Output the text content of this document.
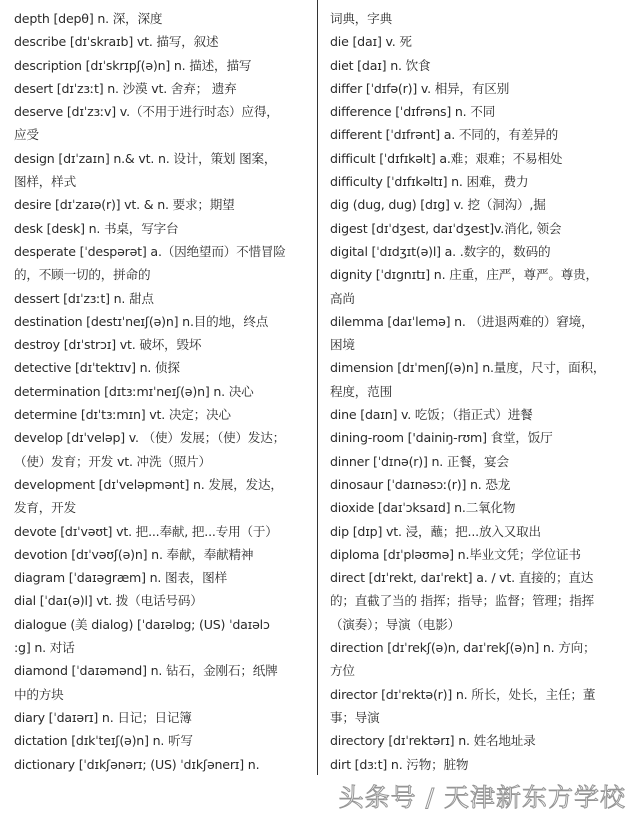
depth [depθ] n. 深，深度
describe [dɪˈskraɪb] vt. 描写，叙述
description [dɪˈskrɪpʃ(ə)n] n. 描述，描写
desert [dɪˈzɜːt] n. 沙漠 vt. 舍弃； 遗弃
deserve [dɪˈzɜːv] v.（不用于进行时态）应得，
应受
design [dɪˈzaɪn] n.& vt. n. 设计，策划 图案，
图样，样式
desire [dɪˈzaɪə(r)] vt. & n. 要求；期望
desk [desk] n. 书桌，写字台
desperate [ˈdespərət] a.（因绝望而）不惜冒险
的，不顾一切的，拼命的
dessert [dɪˈzɜːt] n. 甜点
destination [destɪˈneɪʃ(ə)n] n.目的地，终点
destroy [dɪˈstrɔɪ] vt. 破坏，毁坏
detective [dɪˈtektɪv] n. 侦探
determination [dɪtɜːmɪˈneɪʃ(ə)n] n. 决心
determine [dɪˈtɜːmɪn] vt. 决定；决心
develop [dɪˈveləp] v. （使）发展；（使）发达；
（使）发育；开发 vt. 冲洗（照片）
development [dɪˈveləpmənt] n. 发展，发达，
发育，开发
devote [dɪˈvəʊt] vt. 把...奉献, 把...专用（于）
devotion [dɪˈvəʊʃ(ə)n] n. 奉献，奉献精神
diagram [ˈdaɪəgræm] n. 图表，图样
dial [ˈdaɪ(ə)l] vt. 拨（电话号码）
dialogue (美 dialog) [ˈdaɪəlɒg; (US) ˈdaɪəlɔ
:g] n. 对话
diamond [ˈdaɪəmənd] n. 钻石，金刚石；纸牌
中的方块
diary [ˈdaɪərɪ] n. 日记；日记簿
dictation [dɪkˈteɪʃ(ə)n] n. 听写
dictionary [ˈdɪkʃənərɪ; (US) ˈdɪkʃənerɪ] n.
词典，字典
die [daɪ] v. 死
diet [daɪ] n. 饮食
differ [ˈdɪfə(r)] v. 相异，有区别
difference [ˈdɪfrəns] n. 不同
different [ˈdɪfrənt] a. 不同的，有差异的
difficult [ˈdɪfɪkəlt] a.难；艰难；不易相处
difficulty [ˈdɪfɪkəltɪ] n. 困难，费力
dig (dug, dug) [dɪg] v. 挖（洞沟）,掘
digest [dɪˈdʒest, daɪˈdʒest]v.消化, 领会
digital [ˈdɪdʒɪt(ə)l] a. .数字的，数码的
dignity [ˈdɪgnɪtɪ] n. 庄重，庄严，尊严。尊贵，
高尚
dilemma [daɪˈlemə] n. （进退两难的）窘境，
困境
dimension [dɪˈmenʃ(ə)n] n.量度，尺寸，面积，
程度，范围
dine [daɪn] v. 吃饭；（指正式）进餐
dining-room ['dainiŋ-rʊm] 食堂，饭厅
dinner [ˈdɪnə(r)] n. 正餐，宴会
dinosaur [ˈdaɪnəsɔː(r)] n. 恐龙
dioxide [daɪˈɔksaɪd] n.二氧化物
dip [dɪp] vt. 浸，蘸；把...放入又取出
diploma [dɪˈpləʊmə] n.毕业文凭；学位证书
direct [dɪˈrekt, daɪˈrekt] a. / vt. 直接的；直达
的；直截了当的 指挥；指导；监督；管理；指挥
（演奏）；导演（电影）
direction [dɪˈrekʃ(ə)n, daɪˈrekʃ(ə)n] n. 方向；
方位
director [dɪˈrektə(r)] n. 所长，处长，主任；董
事；导演
directory [dɪˈrektərɪ] n. 姓名地址录
dirt [dɜːt] n. 污物；脏物
头条号 / 天津新东方学校
